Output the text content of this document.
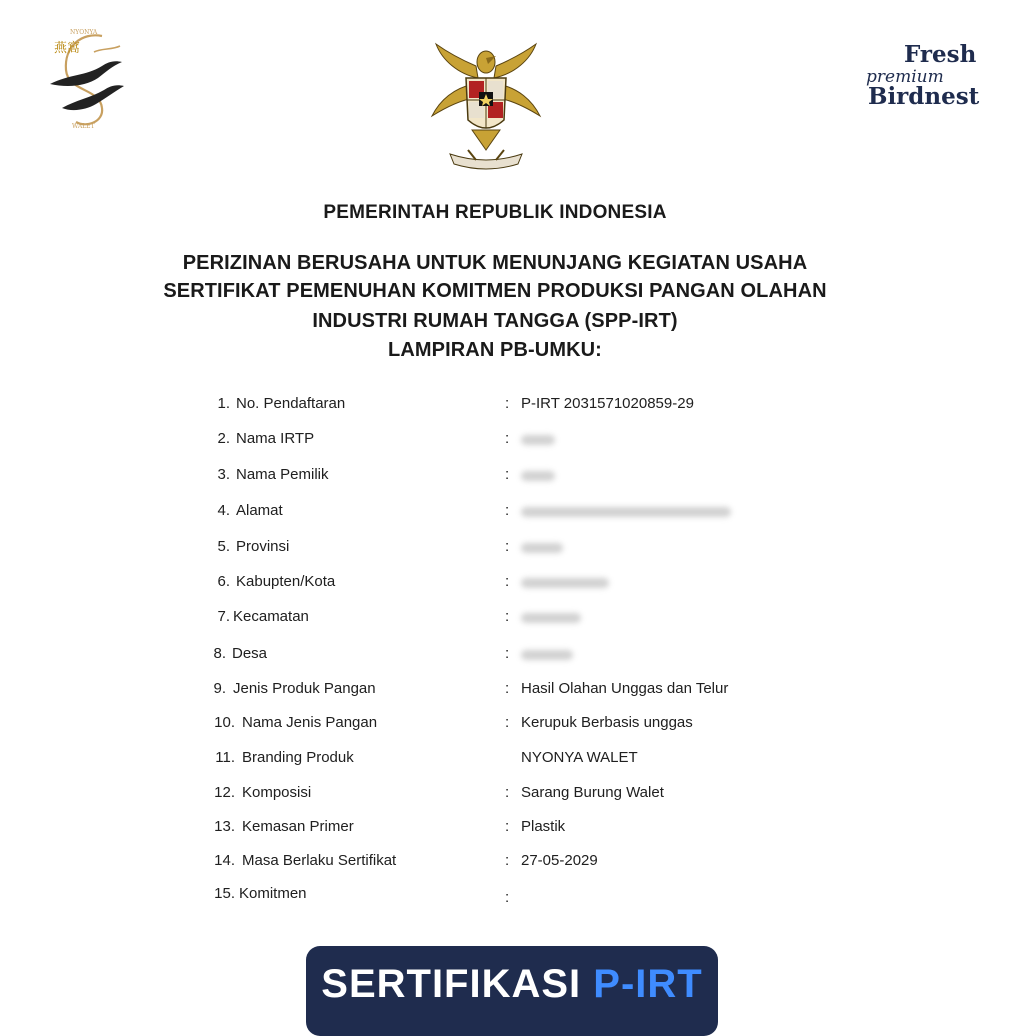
燕窩
NYONYA
WALET
Fresh
premium
Birdnest
PEMERINTAH REPUBLIK INDONESIA
PERIZINAN BERUSAHA UNTUK MENUNJANG KEGIATAN USAHA
SERTIFIKAT PEMENUHAN KOMITMEN PRODUKSI PANGAN OLAHAN
INDUSTRI RUMAH TANGGA (SPP-IRT)
LAMPIRAN PB-UMKU:
1. No. Pendaftaran	: P-IRT 2031571020859-29
2. Nama IRTP	:
3. Nama Pemilik	:
4. Alamat	:
5. Provinsi	:
6. Kabupten/Kota	:
7. Kecamatan	:
8. Desa	:
9. Jenis Produk Pangan	: Hasil Olahan Unggas dan Telur
10. Nama Jenis Pangan	: Kerupuk Berbasis unggas
11. Branding Produk	NYONYA WALET
12. Komposisi	: Sarang Burung Walet
13. Kemasan Primer	: Plastik
14. Masa Berlaku Sertifikat	: 27-05-2029
15. Komitmen	:
SERTIFIKASI P-IRT
